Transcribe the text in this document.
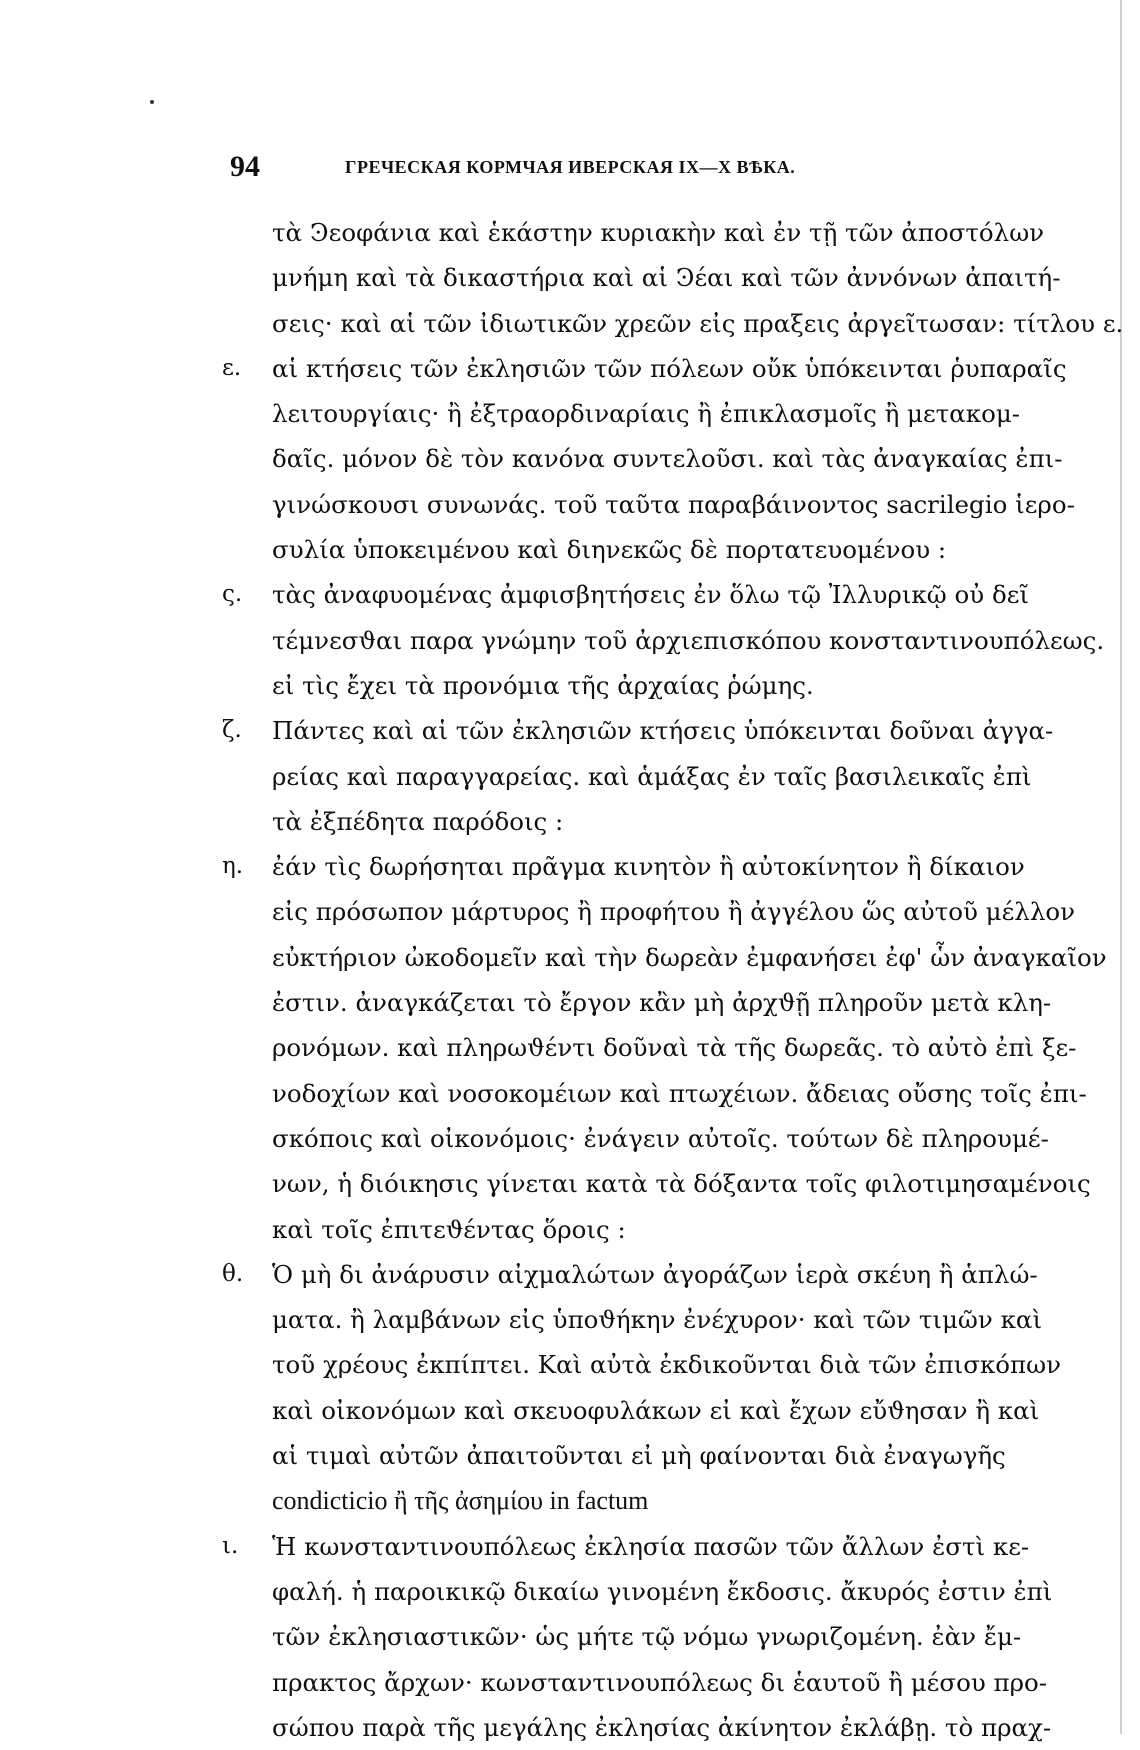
94	ГРЕЧЕСКАЯ КОРМЧАЯ ИВЕРСКАЯ IX—X ВѢКА.
τὰ Ͽεοφάνια καὶ ἑκάστην κυριακὴν καὶ ἐν τῇ τῶν ἀποστόλων
μνήμη καὶ τὰ δικαστήρια καὶ αἱ Ͽέαι καὶ τῶν ἀννόνων ἀπαιτή-
σεις· καὶ αἱ τῶν ἰδιωτικῶν χρεῶν εἰς πραξεις ἀργεῖτωσαν: τίτλου ε.
ε.	αἱ κτήσεις τῶν ἐκλησιῶν τῶν πόλεων οὔκ ὑπόκεινται ῥυπαραῖς
λειτουργίαις· ἢ ἐξτραορδιναρίαις ἢ ἐπικλασμοῖς ἢ μετακομ-
δαῖς. μόνον δὲ τὸν κανόνα συντελοῦσι. καὶ τὰς ἀναγκαίας ἐπι-
γινώσκουσι συνωνάς. τοῦ ταῦτα παραβάινοντος sacrilegio ἱερο-
συλία ὑποκειμένου καὶ διηνεκῶς δὲ πορτατευομένου :
ς.	τὰς ἀναφυομένας ἀμφισβητήσεις ἐν ὅλω τῷ Ἰλλυρικῷ οὐ δεῖ
τέμνεσϑαι παρα γνώμην τοῦ ἀρχιεπισκόπου κονσταντινουπόλεως.
εἰ τὶς ἔχει τὰ προνόμια τῆς ἀρχαίας ῥώμης.
ζ.	Πάντες καὶ αἱ τῶν ἐκλησιῶν κτήσεις ὑπόκεινται δοῦναι ἀγγα-
ρείας καὶ παραγγαρείας. καὶ ἁμάξας ἐν ταῖς βασιλεικαῖς ἐπὶ
τὰ ἐξπέδητα παρόδοις :
η.	ἐάν τὶς δωρήσηται πρᾶγμα κινητὸν ἢ αὐτοκίνητον ἢ δίκαιον
εἰς πρόσωπον μάρτυρος ἢ προφήτου ἢ ἀγγέλου ὥς αὐτοῦ μέλλον
εὐκτήριον ὠκοδομεῖν καὶ τὴν δωρεὰν ἐμφανήσει ἐφ' ὧν ἀναγκαῖον
ἐστιν. ἀναγκάζεται τὸ ἔργον κἂν μὴ ἀρχϑῇ πληροῦν μετὰ κλη-
ρονόμων. καὶ πληρωϑέντι δοῦναὶ τὰ τῆς δωρεᾶς. τὸ αὐτὸ ἐπὶ ξε-
νοδοχίων καὶ νοσοκομέιων καὶ πτωχέιων. ἄδειας οὔσης τοῖς ἐπι-
σκόποις καὶ οἰκονόμοις· ἐνάγειν αὐτοῖς. τούτων δὲ πληρουμέ-
νων, ἡ διόικησις γίνεται κατὰ τὰ δόξαντα τοῖς φιλοτιμησαμένοις
καὶ τοῖς ἐπιτεϑέντας ὅροις :
θ.	Ὁ μὴ δι ἀνάρυσιν αἰχμαλώτων ἀγοράζων ἱερὰ σκέυη ἢ ἁπλώ-
ματα. ἢ λαμβάνων εἰς ὑποϑήκην ἐνέχυρον· καὶ τῶν τιμῶν καὶ
τοῦ χρέους ἐκπίπτει. Καὶ αὐτὰ ἐκδικοῦνται διὰ τῶν ἐπισκόπων
καὶ οἰκονόμων καὶ σκευοφυλάκων εἰ καὶ ἔχων εὔϑησαν ἢ καὶ
αἱ τιμαὶ αὐτῶν ἀπαιτοῦνται εἰ μὴ φαίνονται διὰ ἐναγωγῆς
condicticiο ἢ τῆς ἀσημίου in factum
ι.	Ἡ κωνσταντινουπόλεως ἐκλησία πασῶν τῶν ἄλλων ἐστὶ κε-
φαλή. ἡ παροικικῷ δικαίω γινομένη ἔκδοσις. ἄκυρός ἐστιν ἐπὶ
τῶν ἐκλησιαστικῶν· ὡς μήτε τῷ νόμω γνωριζομένη. ἐὰν ἔμ-
πρακτος ἄρχων· κωνσταντινουπόλεως δι ἑαυτοῦ ἢ μέσου προ-
σώπου παρὰ τῆς μεγάλης ἐκλησίας ἀκίνητον ἐκλάβῃ. τὸ πραχ-
